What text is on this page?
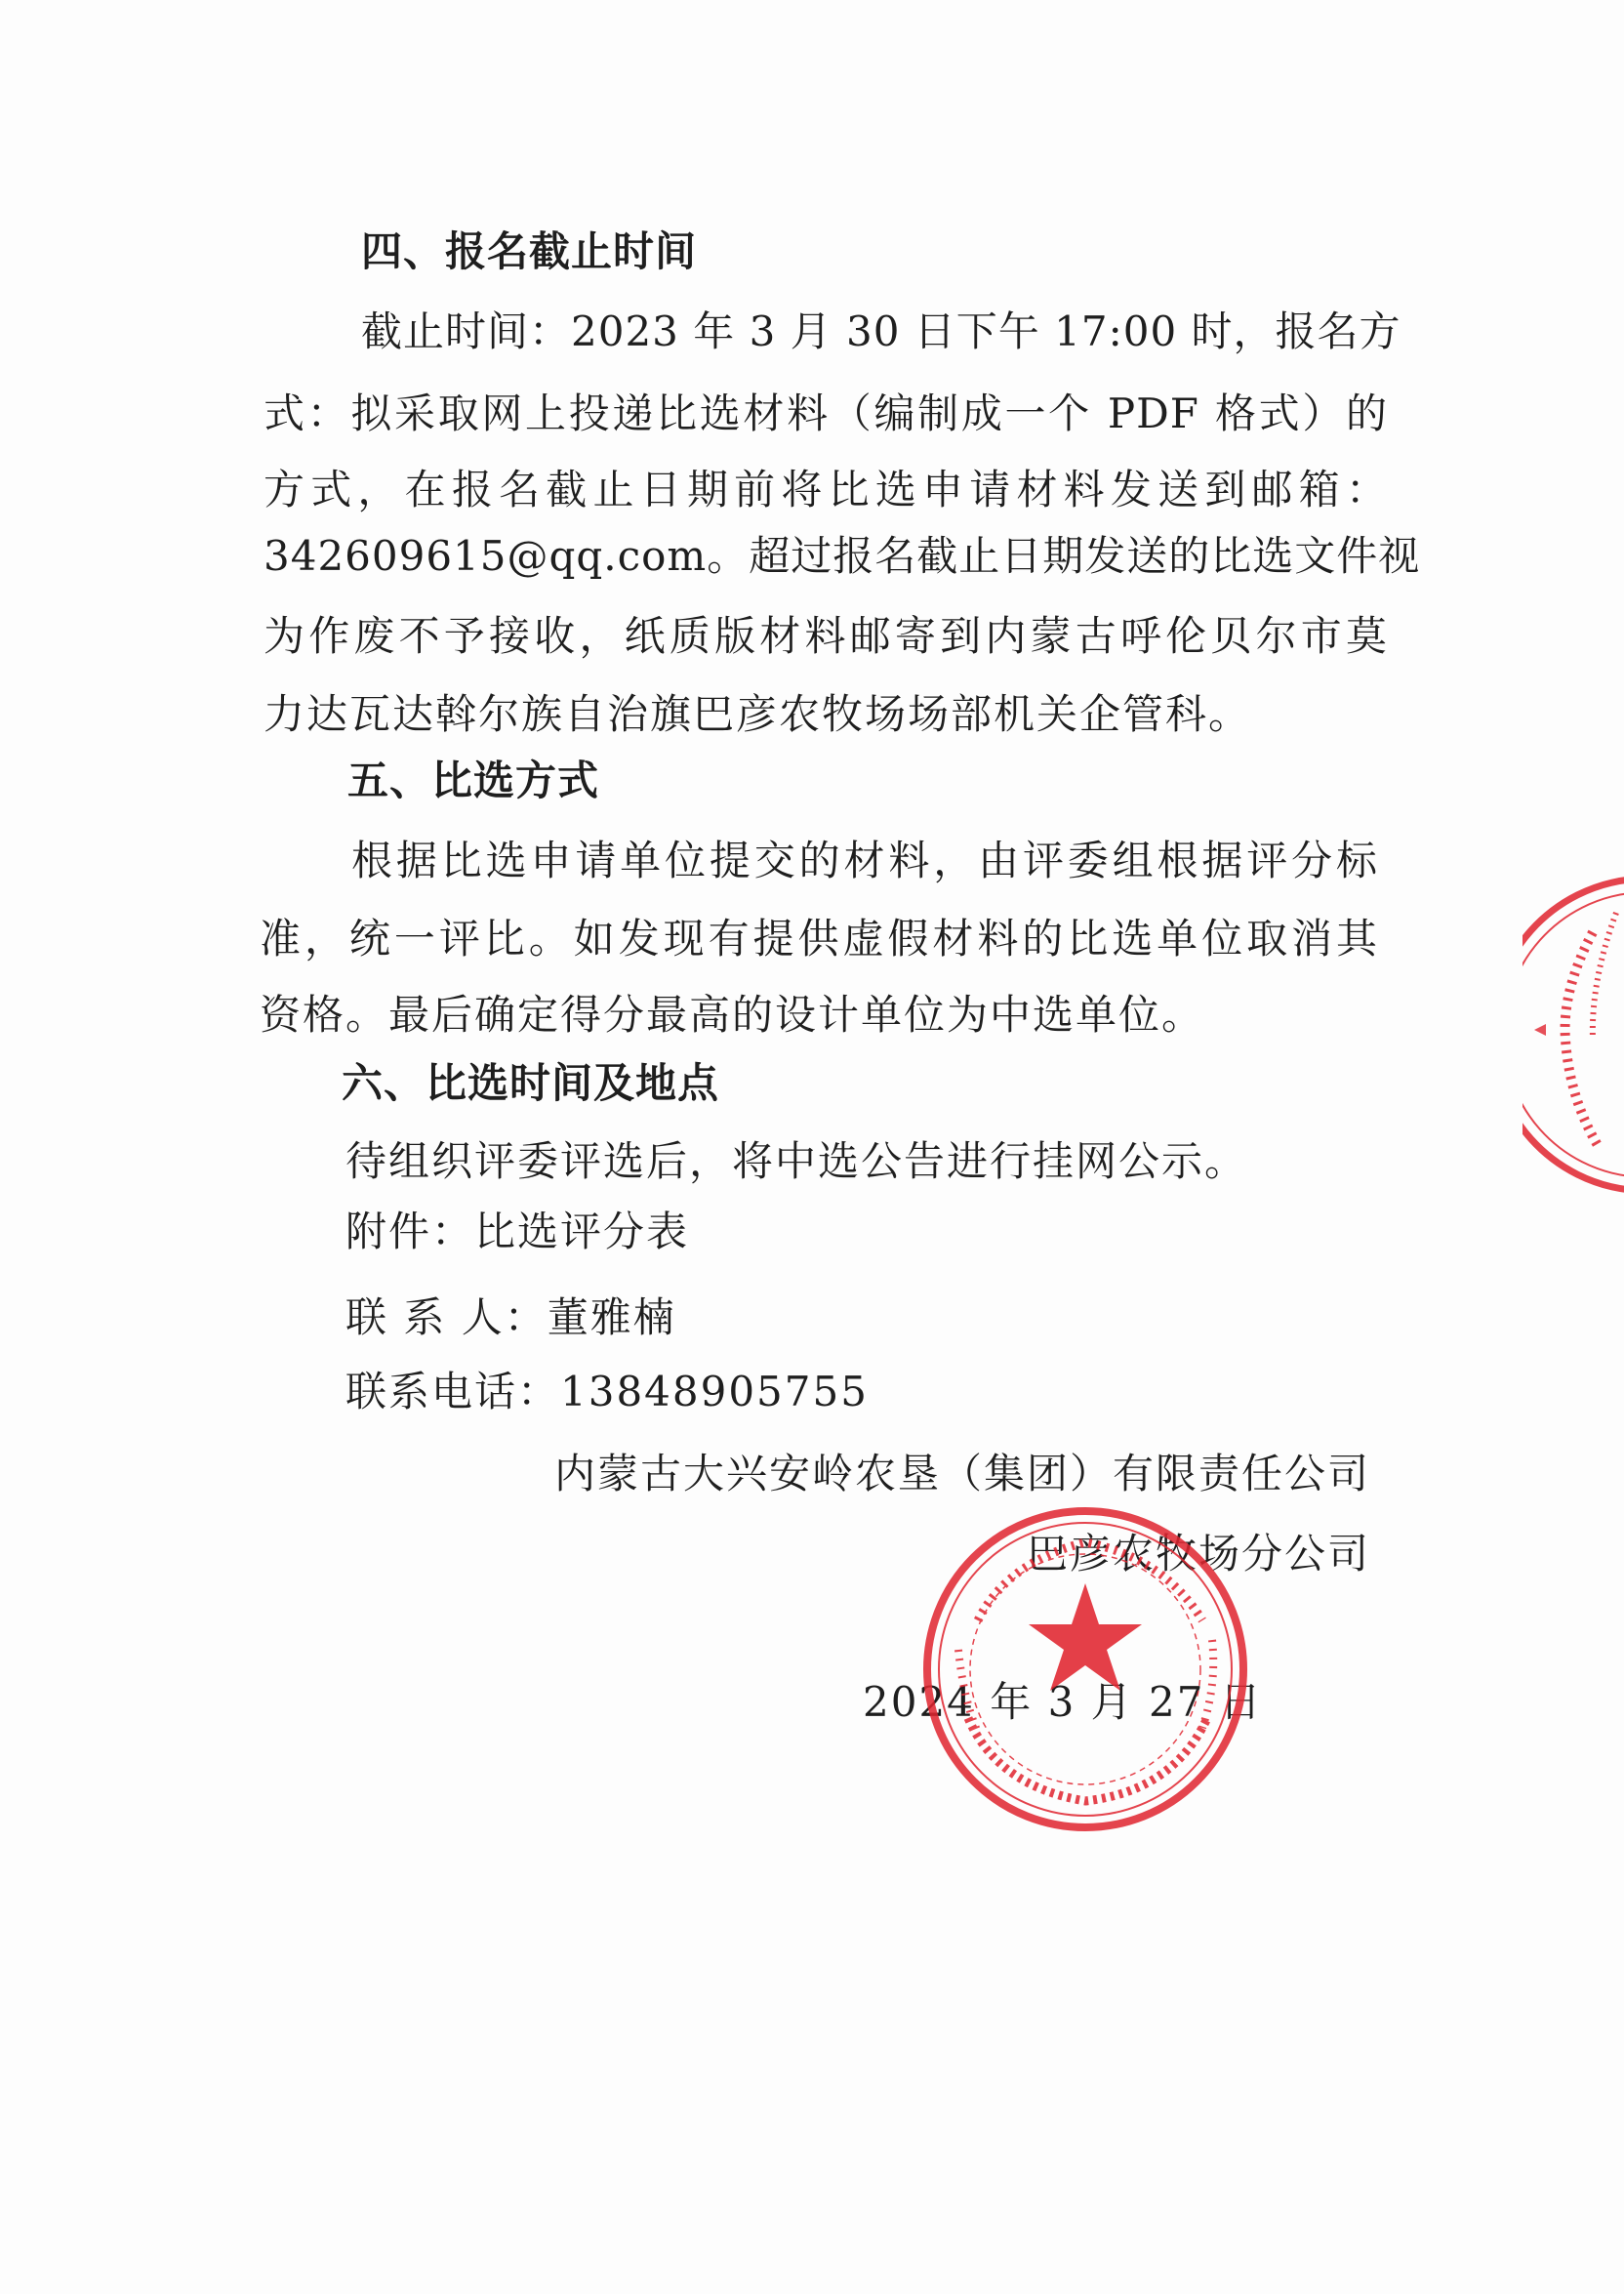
四、报名截止时间
截止时间：2023 年 3 月 30 日下午 17:00 时，报名方
式：拟采取网上投递比选材料（编制成一个 PDF 格式）的
方式，在报名截止日期前将比选申请材料发送到邮箱：
342609615@qq.com。超过报名截止日期发送的比选文件视
为作废不予接收，纸质版材料邮寄到内蒙古呼伦贝尔市莫
力达瓦达斡尔族自治旗巴彦农牧场场部机关企管科。
五、比选方式
根据比选申请单位提交的材料，由评委组根据评分标
准，统一评比。如发现有提供虚假材料的比选单位取消其
资格。最后确定得分最高的设计单位为中选单位。
六、比选时间及地点
待组织评委评选后，将中选公告进行挂网公示。
附件：比选评分表
联 系 人：董雅楠
联系电话：13848905755
内蒙古大兴安岭农垦（集团）有限责任公司
巴彦农牧场分公司
2024 年 3 月 27 日
